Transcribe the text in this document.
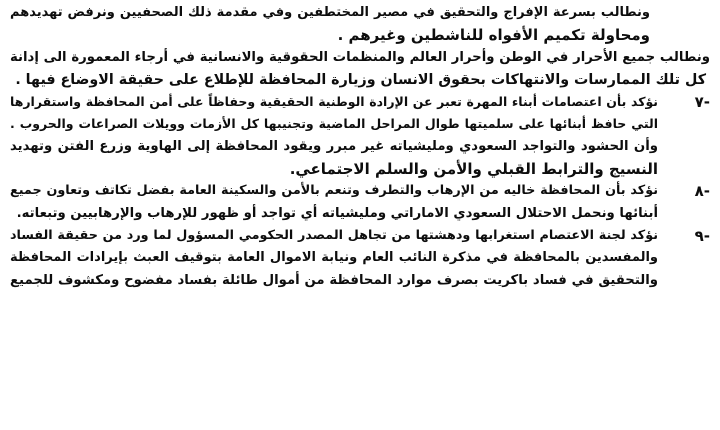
ونطالب بسرعة الإفراج والتحقيق في مصير المختطفين وفي مقدمة ذلك الصحفيين ونرفض تهديدهم
ومحاولة تكميم الأفواه للناشطين وغيرهم .
ونطالب جميع الأحرار في الوطن وأحرار العالم والمنظمات الحقوقية والانسانية في أرجاء المعمورة الى إدانة
كل تلك الممارسات والانتهاكات بحقوق الانسان وزيارة المحافظة للإطلاع على حقيقة الاوضاع فيها .
-٧
نؤكد بأن اعتصامات أبناء المهرة تعبر عن الإرادة الوطنية الحقيقية وحفاظاً على أمن المحافظة واستقرارها
التي حافظ أبنائها على سلميتها طوال المراحل الماضية وتجنيبها كل الأزمات وويلات الصراعات والحروب .
وأن الحشود والتواجد السعودي ومليشياته غير مبرر ويقود المحافظة إلى الهاوية وزرع الفتن وتهديد
النسيج والترابط القبلي والأمن والسلم الاجتماعي.
-٨
نؤكد بأن المحافظة خاليه من الإرهاب والتطرف وتنعم بالأمن والسكينة العامة بفضل تكاتف وتعاون جميع
أبنائها ونحمل الاحتلال السعودي الاماراتي ومليشياته أي تواجد أو ظهور للإرهاب والإرهابيين وتبعاته.
-٩
نؤكد لجنة الاعتصام استغرابها ودهشتها من تجاهل المصدر الحكومي المسؤول لما ورد من حقيقة الفساد
والمفسدين بالمحافظة في مذكرة النائب العام ونيابة الاموال العامة بتوقيف العبث بإيرادات المحافظة
والتحقيق في فساد باكريت بصرف موارد المحافظة من أموال طائلة بفساد مفضوح ومكشوف للجميع
